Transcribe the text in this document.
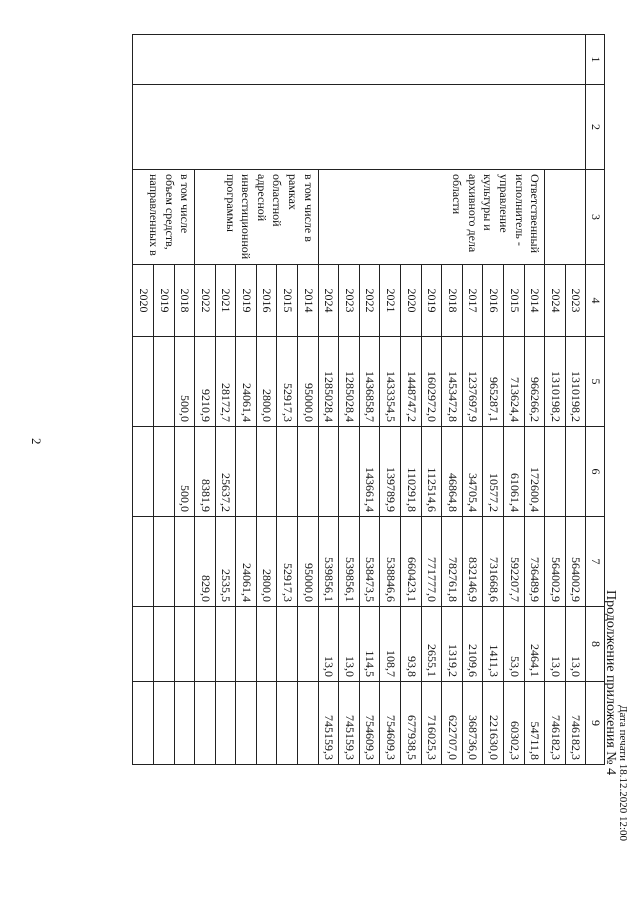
2
Продолжение приложения № 4 Дата печати 18.12.2020 12:00
1	2	3	4	5	6	7	8	9
			2023	1310198,2		564002,9	13,0	746182,3
			2024	1310198,2		564002,9	13,0	746182,3
		Ответственный исполнитель - управление культуры и архивного дела области	2014	966266,2	172600,4	736489,9	2464,1	54711,8
			2015	713624,4	61061,4	592207,7	53,0	60302,3
			2016	965287,1	10577,2	731668,6	1411,3	221630,0
			2017	1237697,9	34705,4	832146,9	2109,6	368736,0
			2018	1453472,8	46864,8	782761,8	1319,2	622707,0
			2019	1602972,0	112514,6	771777,0	2655,1	716025,3
			2020	1448747,2	110291,8	660423,1	93,8	677938,5
			2021	1433354,5	139789,9	538846,6	108,7	754609,3
			2022	1436858,7	143661,4	538473,5	114,5	754609,3
			2023	1285028,4		539856,1	13,0	745159,3
			2024	1285028,4		539856,1	13,0	745159,3
		в том числе в рамках областной адресной инвестиционной программы	2014	95000,0		95000,0		
			2015	52917,3		52917,3		
			2016	2800,0		2800,0		
			2019	24061,4		24061,4		
			2021	28172,7	25637,2	2535,5		
			2022	9210,9	8381,9	829,0		
		в том числе объем средств, направленных в	2018	500,0	500,0			
			2019					
			2020					
